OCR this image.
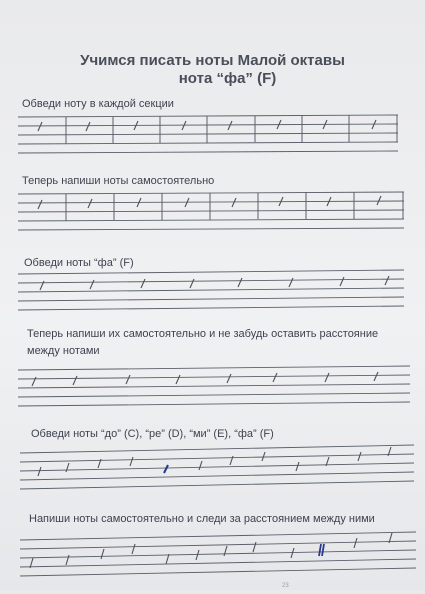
Учимся писать ноты Малой октавы
нота “фа” (F)
Обведи ноту в каждой секции
Теперь напиши ноты самостоятельно
Обведи ноты “фа” (F)
Теперь напиши их самостоятельно и не забудь оставить расстояние между нотами
Обведи ноты “до” (C), “ре” (D), “ми” (E), “фа” (F)
Напиши ноты самостоятельно и следи за расстоянием между ними
23
